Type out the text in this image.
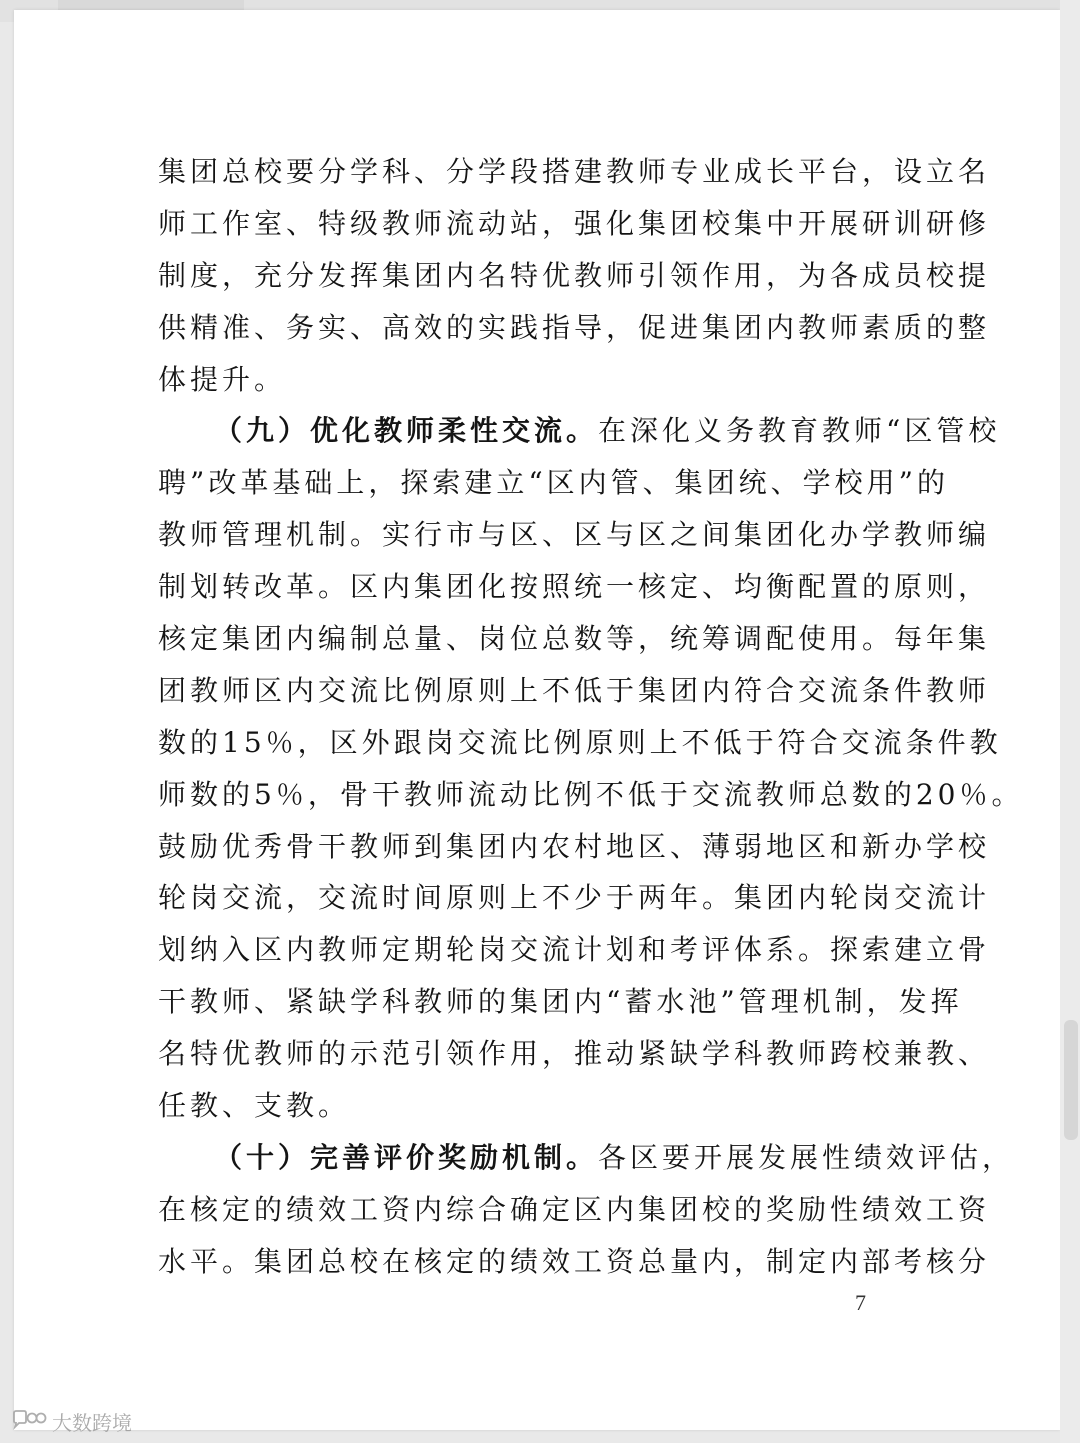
集团总校要分学科、分学段搭建教师专业成长平台，设立名
师工作室、特级教师流动站，强化集团校集中开展研训研修
制度，充分发挥集团内名特优教师引领作用，为各成员校提
供精准、务实、高效的实践指导，促进集团内教师素质的整
体提升。
（九）优化教师柔性交流。在深化义务教育教师“区管校
聘”改革基础上，探索建立“区内管、集团统、学校用”的
教师管理机制。实行市与区、区与区之间集团化办学教师编
制划转改革。区内集团化按照统一核定、均衡配置的原则，
核定集团内编制总量、岗位总数等，统筹调配使用。每年集
团教师区内交流比例原则上不低于集团内符合交流条件教师
数的15％，区外跟岗交流比例原则上不低于符合交流条件教
师数的5％，骨干教师流动比例不低于交流教师总数的20％。
鼓励优秀骨干教师到集团内农村地区、薄弱地区和新办学校
轮岗交流，交流时间原则上不少于两年。集团内轮岗交流计
划纳入区内教师定期轮岗交流计划和考评体系。探索建立骨
干教师、紧缺学科教师的集团内“蓄水池”管理机制，发挥
名特优教师的示范引领作用，推动紧缺学科教师跨校兼教、
任教、支教。
（十）完善评价奖励机制。各区要开展发展性绩效评估，
在核定的绩效工资内综合确定区内集团校的奖励性绩效工资
水平。集团总校在核定的绩效工资总量内，制定内部考核分
7
大数跨境
